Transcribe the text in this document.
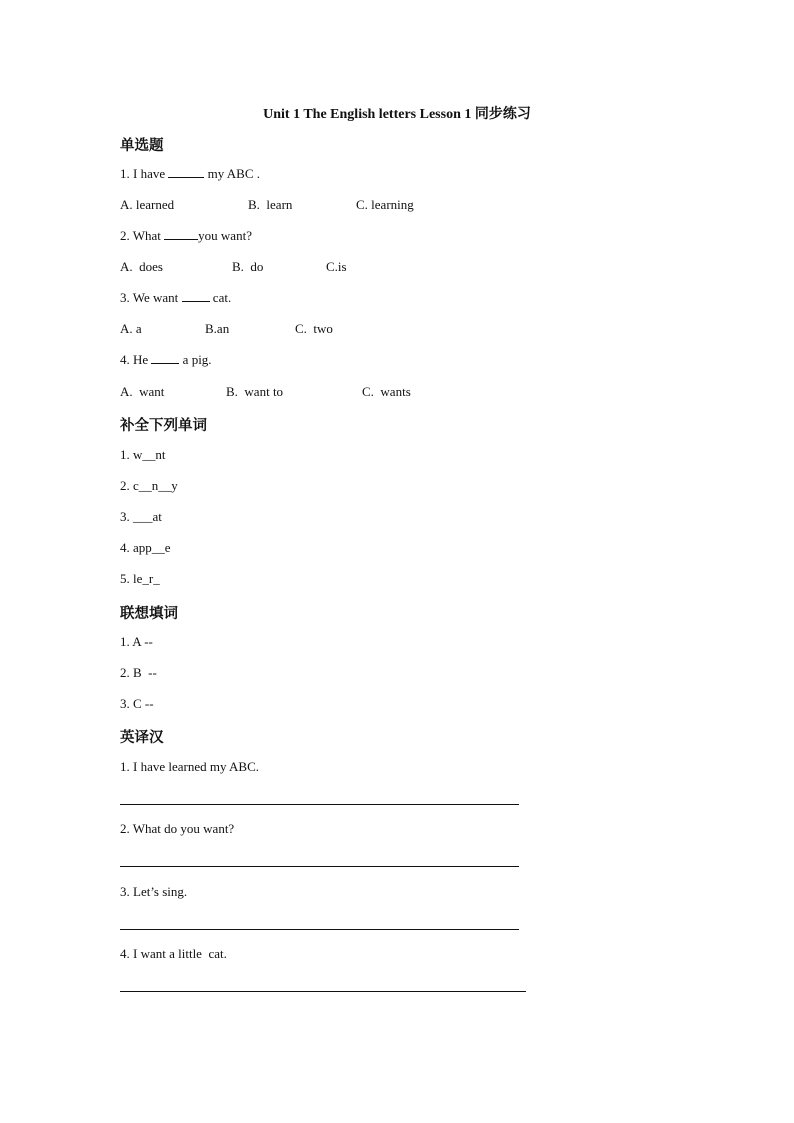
Unit 1 The English letters Lesson 1 同步练习
单选题
1. I have	my ABC .
A. learned	B.  learn	C. learning
2. What	you want?
A.  does	B.  do	C.is
3. We want  cat.
A. a	B.an	C.  two
4. He  a pig.
A.  want	B.  want to	C.  wants
补全下列单词
1. w__nt
2. c__n__y
3. ___at
4. app__e
5. le_r_
联想填词
1. A --
2. B  --
3. C --
英译汉
1. I have learned my ABC.
2. What do you want?
3. Let’s sing.
4. I want a little  cat.
